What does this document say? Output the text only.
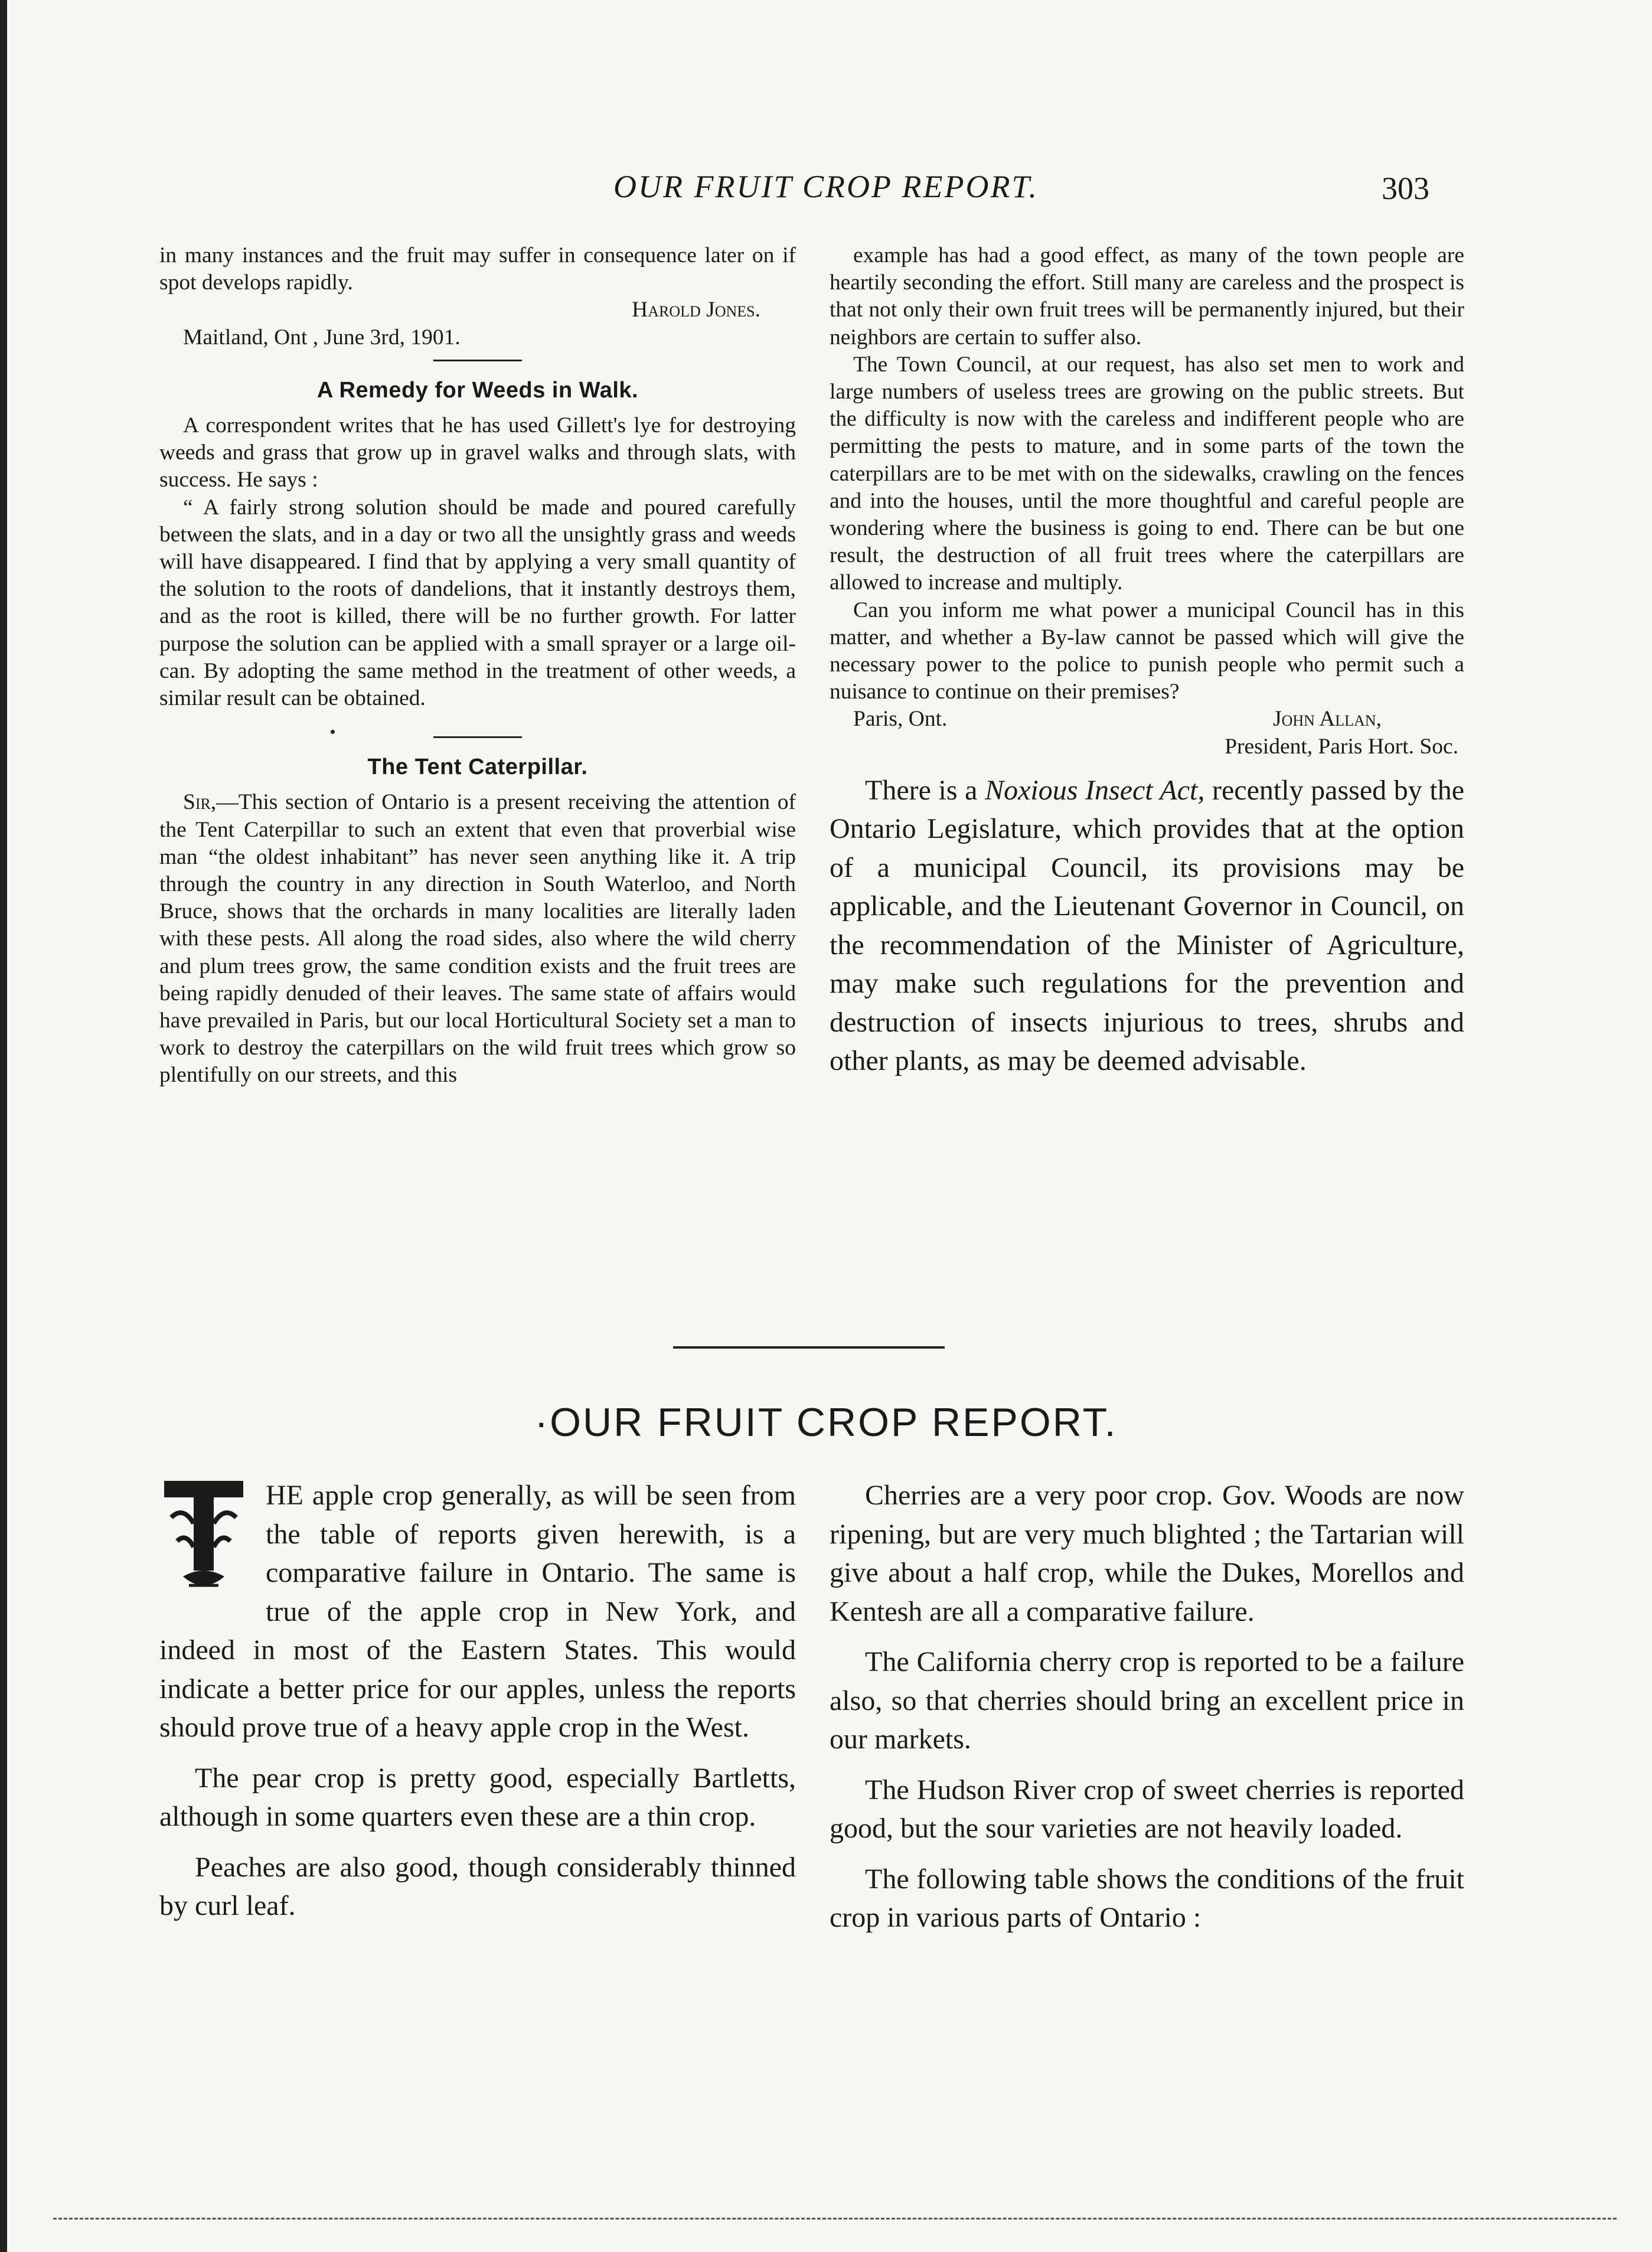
OUR FRUIT CROP REPORT.	303

in many instances and the fruit may suffer in consequence later on if spot develops rapidly.

Harold Jones.

Maitland, Ont , June 3rd, 1901.

A Remedy for Weeds in Walk.

A correspondent writes that he has used Gillett's lye for destroying weeds and grass that grow up in gravel walks and through slats, with success. He says :

“ A fairly strong solution should be made and poured carefully between the slats, and in a day or two all the unsightly grass and weeds will have disappeared. I find that by applying a very small quantity of the solution to the roots of dandelions, that it instantly destroys them, and as the root is killed, there will be no further growth. For latter purpose the solution can be applied with a small sprayer or a large oil-can. By adopting the same method in the treatment of other weeds, a similar result can be obtained.

The Tent Caterpillar.

Sir,—This section of Ontario is a present receiving the attention of the Tent Caterpillar to such an extent that even that proverbial wise man “the oldest inhabitant” has never seen anything like it. A trip through the country in any direction in South Waterloo, and North Bruce, shows that the orchards in many localities are literally laden with these pests. All along the road sides, also where the wild cherry and plum trees grow, the same condition exists and the fruit trees are being rapidly denuded of their leaves. The same state of affairs would have prevailed in Paris, but our local Horticultural Society set a man to work to destroy the caterpillars on the wild fruit trees which grow so plentifully on our streets, and this

example has had a good effect, as many of the town people are heartily seconding the effort. Still many are careless and the prospect is that not only their own fruit trees will be permanently injured, but their neighbors are certain to suffer also.

The Town Council, at our request, has also set men to work and large numbers of useless trees are growing on the public streets. But the difficulty is now with the careless and indifferent people who are permitting the pests to mature, and in some parts of the town the caterpillars are to be met with on the sidewalks, crawling on the fences and into the houses, until the more thoughtful and careful people are wondering where the business is going to end. There can be but one result, the destruction of all fruit trees where the caterpillars are allowed to increase and multiply.

Can you inform me what power a municipal Council has in this matter, and whether a By-law cannot be passed which will give the necessary power to the police to punish people who permit such a nuisance to continue on their premises?

Paris, Ont.	John Allan,

President, Paris Hort. Soc.

There is a Noxious Insect Act, recently passed by the Ontario Legislature, which provides that at the option of a municipal Council, its provisions may be applicable, and the Lieutenant Governor in Council, on the recommendation of the Minister of Agriculture, may make such regulations for the prevention and destruction of insects injurious to trees, shrubs and other plants, as may be deemed advisable.

·OUR FRUIT CROP REPORT.

HE apple crop generally, as will be seen from the table of reports given herewith, is a comparative failure in Ontario. The same is true of the apple crop in New York, and indeed in most of the Eastern States. This would indicate a better price for our apples, unless the reports should prove true of a heavy apple crop in the West.

The pear crop is pretty good, especially Bartletts, although in some quarters even these are a thin crop.

Peaches are also good, though considerably thinned by curl leaf.

Cherries are a very poor crop. Gov. Woods are now ripening, but are very much blighted ; the Tartarian will give about a half crop, while the Dukes, Morellos and Kentesh are all a comparative failure.

The California cherry crop is reported to be a failure also, so that cherries should bring an excellent price in our markets.

The Hudson River crop of sweet cherries is reported good, but the sour varieties are not heavily loaded.

The following table shows the conditions of the fruit crop in various parts of Ontario :
